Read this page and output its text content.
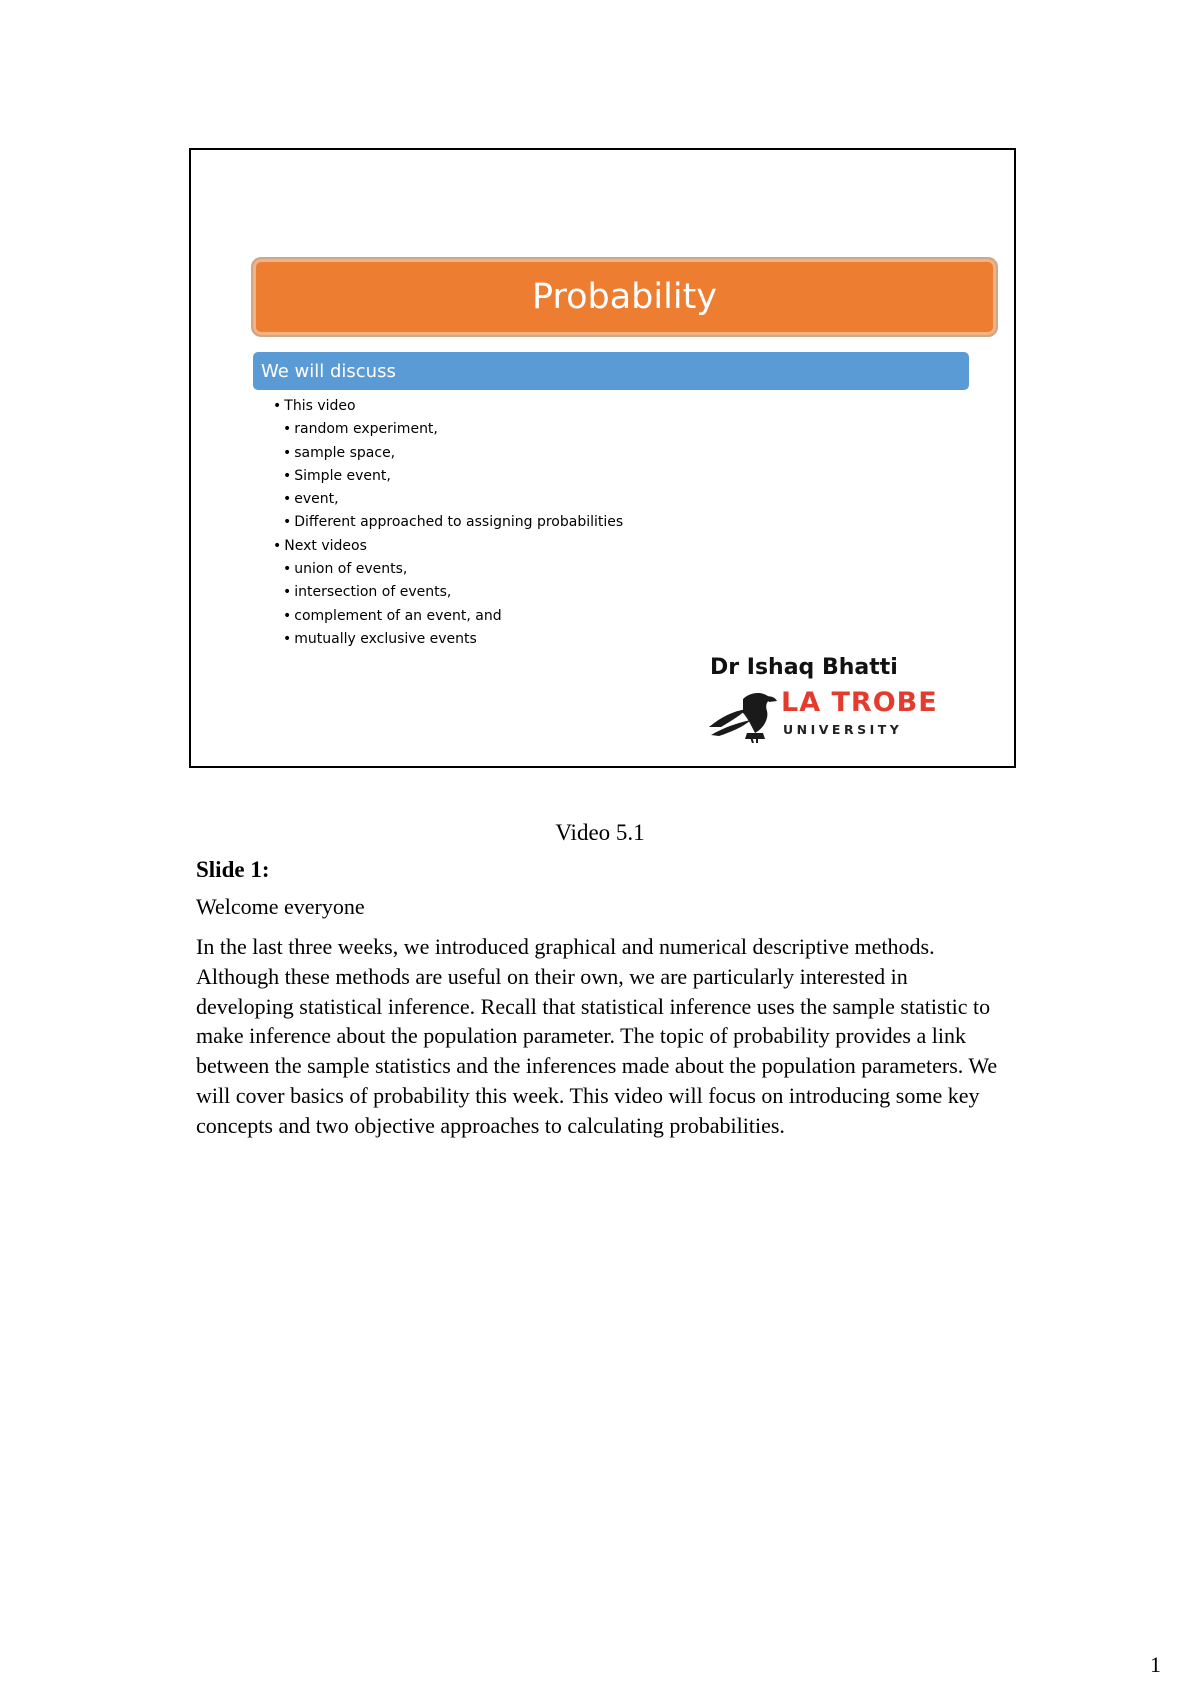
Probability
We will discuss
• This video
• random experiment,
• sample space,
• Simple event,
• event,
• Different approached to assigning probabilities
• Next videos
• union of events,
• intersection of events,
• complement of an event, and
• mutually exclusive events
Dr Ishaq Bhatti
LA TROBE
UNIVERSITY
Video 5.1
Slide 1:
Welcome everyone

In the last three weeks, we introduced graphical and numerical descriptive methods. Although these methods are useful on their own, we are particularly interested in developing statistical inference. Recall that statistical inference uses the sample statistic to make inference about the population parameter. The topic of probability provides a link between the sample statistics and the inferences made about the population parameters. We will cover basics of probability this week. This video will focus on introducing some key concepts and two objective approaches to calculating probabilities.

1
